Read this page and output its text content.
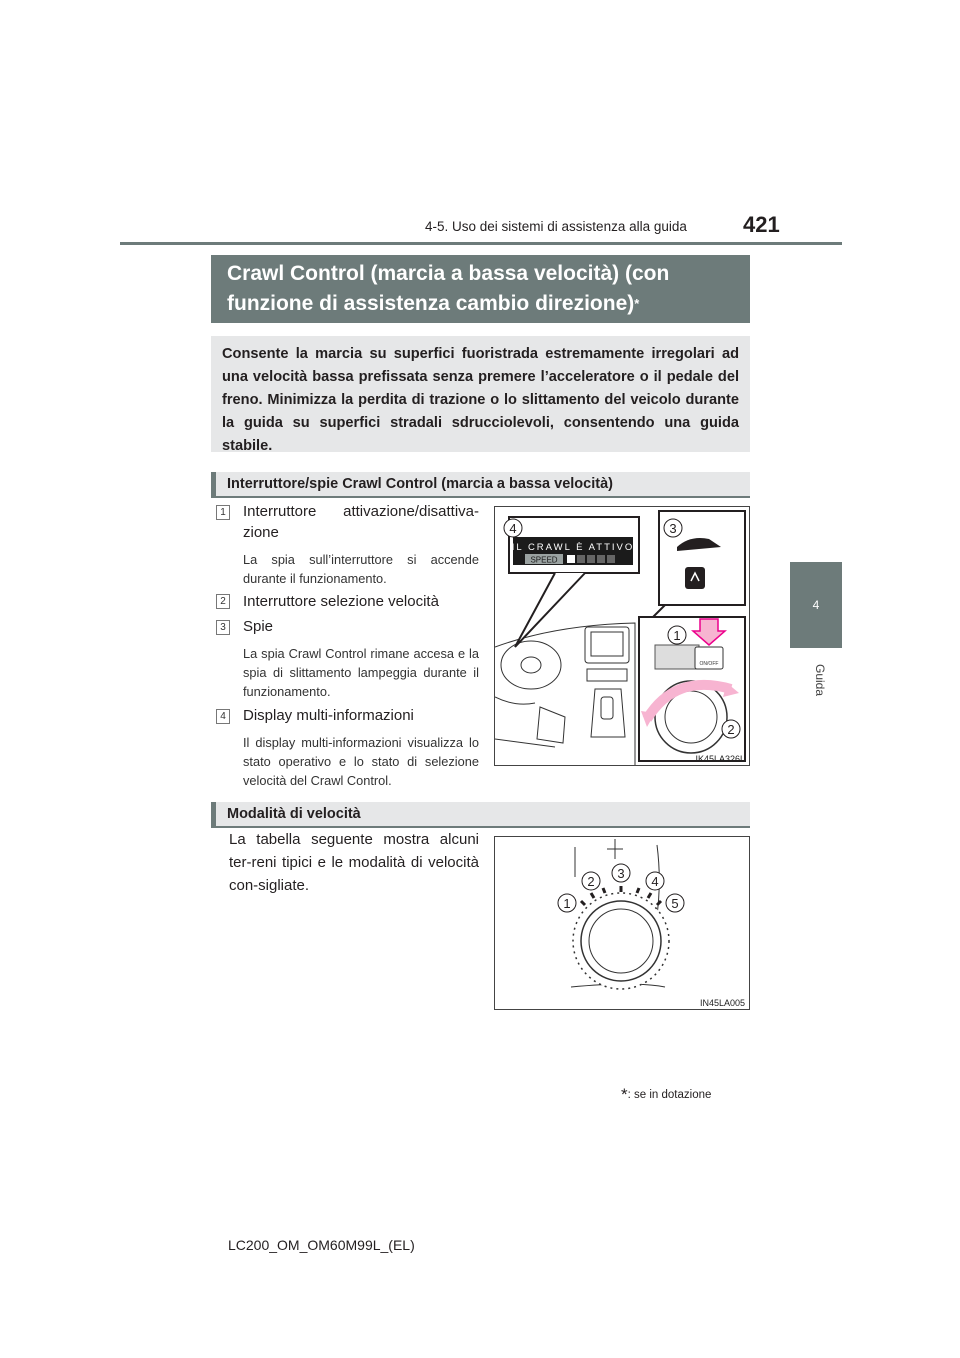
4-5. Uso dei sistemi di assistenza alla guida	421
4
Guida
Crawl Control (marcia a bassa velocità) (con
funzione di assistenza cambio direzione)*
Consente la marcia su superfici fuoristrada estremamente irregolari ad una velocità bassa prefissata senza premere l’acceleratore o il pedale del freno. Minimizza la perdita di trazione o lo slittamento del veicolo durante la guida su superfici stradali sdrucciolevoli, consentendo una guida stabile.
Interruttore/spie Crawl Control (marcia a bassa velocità)
1 Interruttore attivazione/disattiva-
zione
La spia sull’interruttore si accende durante il funzionamento.
2 Interruttore selezione velocità
3 Spie
La spia Crawl Control rimane accesa e la spia di slittamento lampeggia durante il funzionamento.
4 Display multi-informazioni
Il display multi-informazioni visualizza lo stato operativo e lo stato di selezione velocità del Crawl Control.
IL CRAWL È ATTIVO
SPEED
ON/OFF
4	3
1
2
IK45LA326L
Modalità di velocità
La tabella seguente mostra alcuni ter-reni tipici e le modalità di velocità con-sigliate.
1
2
3
4
5
IN45LA005
*: se in dotazione
LC200_OM_OM60M99L_(EL)
